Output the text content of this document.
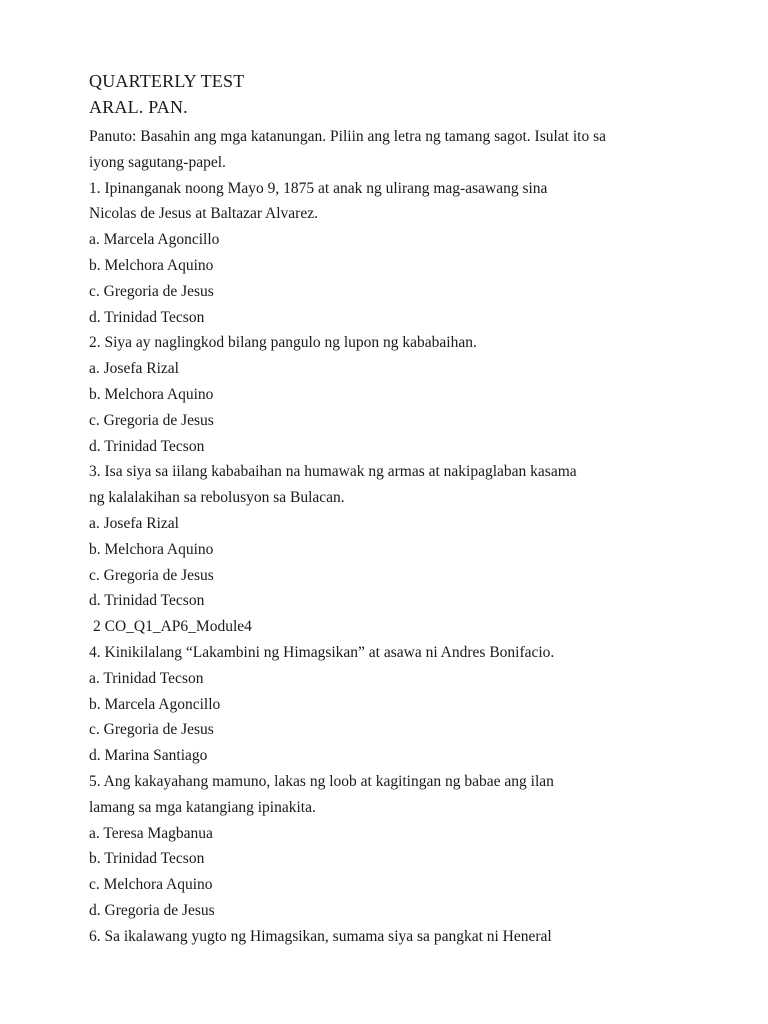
QUARTERLY TEST
ARAL. PAN.
Panuto: Basahin ang mga katanungan. Piliin ang letra ng tamang sagot. Isulat ito sa
iyong sagutang-papel.
1. Ipinanganak noong Mayo 9, 1875 at anak ng ulirang mag-asawang sina
Nicolas de Jesus at Baltazar Alvarez.
a. Marcela Agoncillo
b. Melchora Aquino
c. Gregoria de Jesus
d. Trinidad Tecson
2. Siya ay naglingkod bilang pangulo ng lupon ng kababaihan.
a. Josefa Rizal
b. Melchora Aquino
c. Gregoria de Jesus
d. Trinidad Tecson
3. Isa siya sa iilang kababaihan na humawak ng armas at nakipaglaban kasama
ng kalalakihan sa rebolusyon sa Bulacan.
a. Josefa Rizal
b. Melchora Aquino
c. Gregoria de Jesus
d. Trinidad Tecson
2 CO_Q1_AP6_Module4
4. Kinikilalang “Lakambini ng Himagsikan” at asawa ni Andres Bonifacio.
a. Trinidad Tecson
b. Marcela Agoncillo
c. Gregoria de Jesus
d. Marina Santiago
5. Ang kakayahang mamuno, lakas ng loob at kagitingan ng babae ang ilan
lamang sa mga katangiang ipinakita.
a. Teresa Magbanua
b. Trinidad Tecson
c. Melchora Aquino
d. Gregoria de Jesus
6. Sa ikalawang yugto ng Himagsikan, sumama siya sa pangkat ni Heneral
